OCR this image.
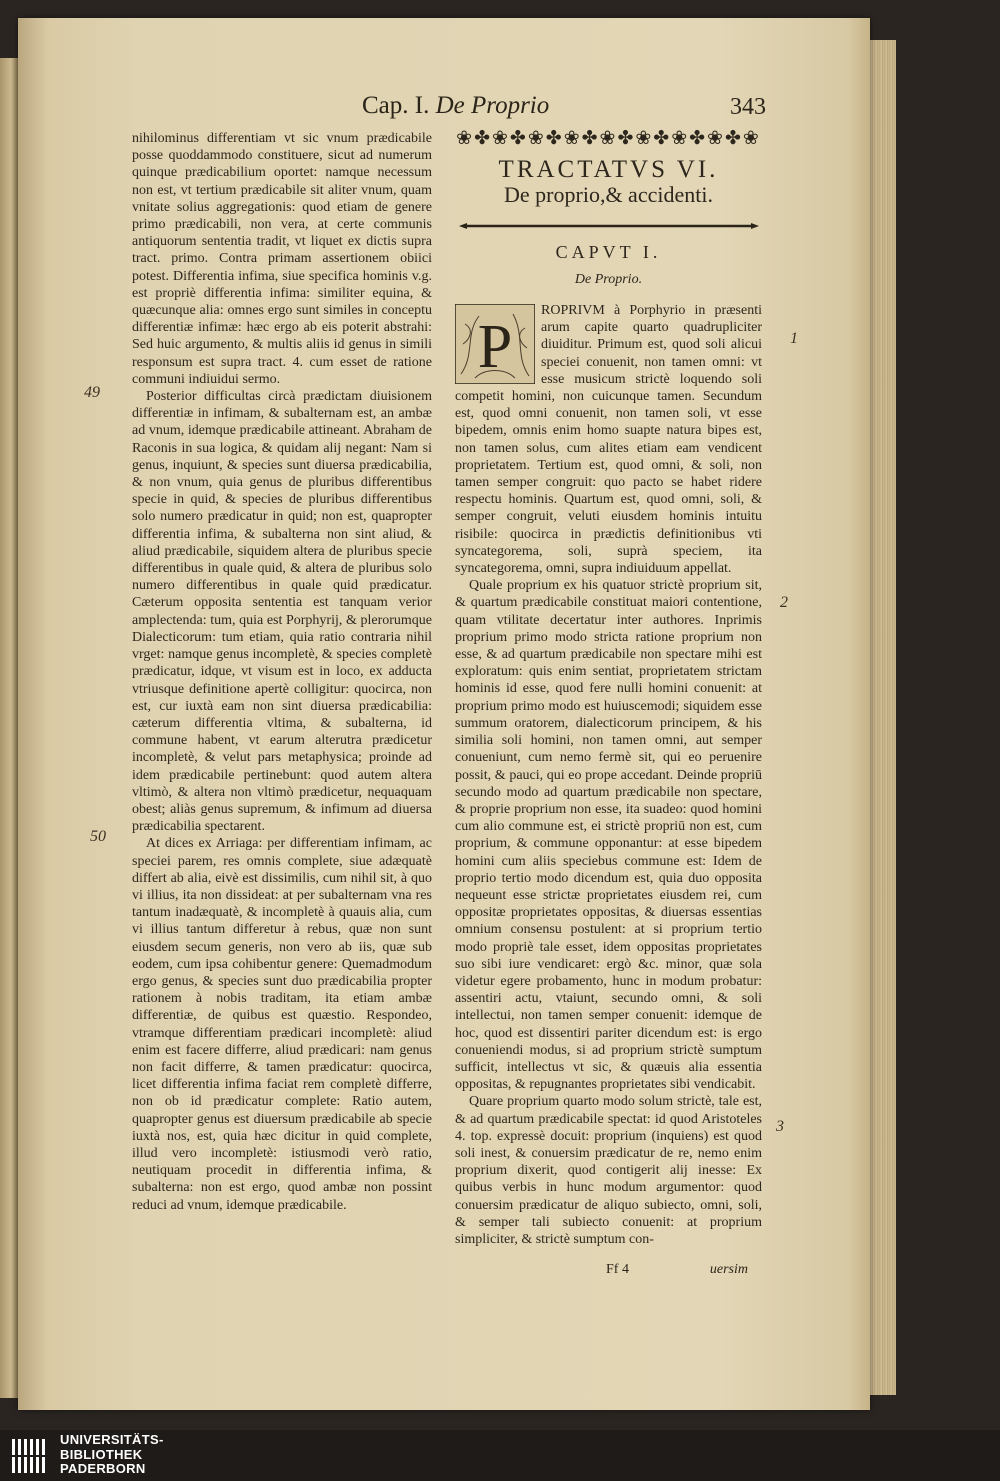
Cap. I. De Proprio	343

nihilominus differentiam vt sic vnum prædicabile posse quoddammodo constituere, sicut ad numerum quinque prædicabilium oportet: namque necessum non est, vt tertium prædicabile sit aliter vnum, quam vnitate solius aggregationis: quod etiam de genere primo prædicabili, non vera, at certe communis antiquorum sententia tradit, vt liquet ex dictis supra tract. primo. Contra primam assertionem obiici potest. Differentia infima, siue specifica hominis v.g. est propriè differentia infima: similiter equina, & quæcunque alia: omnes ergo sunt similes in conceptu differentiæ infimæ: hæc ergo ab eis poterit abstrahi: Sed huic argumento, & multis aliis id genus in simili responsum est supra tract. 4. cum esset de ratione communi indiuidui sermo.

Posterior difficultas circà prædictam diuisionem differentiæ in infimam, & subalternam est, an ambæ ad vnum, idemque prædicabile attineant. Abraham de Raconis in sua logica, & quidam alij negant: Nam si genus, inquiunt, & species sunt diuersa prædicabilia, & non vnum, quia genus de pluribus differentibus specie in quid, & species de pluribus differentibus solo numero prædicatur in quid; non est, quapropter differentia infima, & subalterna non sint aliud, & aliud prædicabile, siquidem altera de pluribus specie differentibus in quale quid, & altera de pluribus solo numero differentibus in quale quid prædicatur. Cæterum opposita sententia est tanquam verior amplectenda: tum, quia est Porphyrij, & plerorumque Dialecticorum: tum etiam, quia ratio contraria nihil vrget: namque genus incompletè, & species completè prædicatur, idque, vt visum est in loco, ex adducta vtriusque definitione apertè colligitur: quocirca, non est, cur iuxtà eam non sint diuersa prædicabilia: cæterum differentia vltima, & subalterna, id commune habent, vt earum alterutra prædicetur incompletè, & velut pars metaphysica; proinde ad idem prædicabile pertinebunt: quod autem altera vltimò, & altera non vltimò prædicetur, nequaquam obest; aliàs genus supremum, & infimum ad diuersa prædicabilia spectarent.

At dices ex Arriaga: per differentiam infimam, ac speciei parem, res omnis complete, siue adæquatè differt ab alia, eivè est dissimilis, cum nihil sit, à quo vi illius, ita non dissideat: at per subalternam vna res tantum inadæquatè, & incompletè à quauis alia, cum vi illius tantum differetur à rebus, quæ non sunt eiusdem secum generis, non vero ab iis, quæ sub eodem, cum ipsa cohibentur genere: Quemadmodum ergo genus, & species sunt duo prædicabilia propter rationem à nobis traditam, ita etiam ambæ differentiæ, de quibus est quæstio. Respondeo, vtramque differentiam prædicari incompletè: aliud enim est facere differre, aliud prædicari: nam genus non facit differre, & tamen prædicatur: quocirca, licet differentia infima faciat rem completè differre, non ob id prædicatur complete: Ratio autem, quapropter genus est diuersum prædicabile ab specie iuxtà nos, est, quia hæc dicitur in quid complete, illud vero incompletè: istiusmodi verò ratio, neutiquam procedit in differentia infima, & subalterna: non est ergo, quod ambæ non possint reduci ad vnum, idemque prædicabile.

❀✤❀✤❀✤❀✤❀✤❀✤❀✤❀✤❀
TRACTATVS VI.
De proprio,& accidenti.
CAPVT I.
De Proprio.
P

ROPRIVM à Porphyrio in præsenti arum capite quarto quadrupliciter diuiditur. Primum est, quod soli alicui speciei conuenit, non tamen omni: vt esse musicum strictè loquendo soli competit homini, non cuicunque tamen. Secundum est, quod omni conuenit, non tamen soli, vt esse bipedem, omnis enim homo suapte natura bipes est, non tamen solus, cum alites etiam eam vendicent proprietatem. Tertium est, quod omni, & soli, non tamen semper congruit: quo pacto se habet ridere respectu hominis. Quartum est, quod omni, soli, & semper congruit, veluti eiusdem hominis intuitu risibile: quocirca in prædictis definitionibus vti syncategorema, soli, suprà speciem, ita syncategorema, omni, supra indiuiduum appellat.

Quale proprium ex his quatuor strictè proprium sit, & quartum prædicabile constituat maiori contentione, quam vtilitate decertatur inter authores. Inprimis proprium primo modo stricta ratione proprium non esse, & ad quartum prædicabile non spectare mihi est exploratum: quis enim sentiat, proprietatem strictam hominis id esse, quod fere nulli homini conuenit: at proprium primo modo est huiuscemodi; siquidem esse summum oratorem, dialecticorum principem, & his similia soli homini, non tamen omni, aut semper conueniunt, cum nemo fermè sit, qui eo peruenire possit, & pauci, qui eo prope accedant. Deinde propriū secundo modo ad quartum prædicabile non spectare, & proprie proprium non esse, ita suadeo: quod homini cum alio commune est, ei strictè propriū non est, cum proprium, & commune opponantur: at esse bipedem homini cum aliis speciebus commune est: Idem de proprio tertio modo dicendum est, quia duo opposita nequeunt esse strictæ proprietates eiusdem rei, cum oppositæ proprietates oppositas, & diuersas essentias omnium consensu postulent: at si proprium tertio modo propriè tale esset, idem oppositas proprietates suo sibi iure vendicaret: ergò &c. minor, quæ sola videtur egere probamento, hunc in modum probatur: assentiri actu, vtaiunt, secundo omni, & soli intellectui, non tamen semper conuenit: idemque de hoc, quod est dissentiri pariter dicendum est: is ergo conueniendi modus, si ad proprium strictè sumptum sufficit, intellectus vt sic, & quæuis alia essentia oppositas, & repugnantes proprietates sibi vendicabit.

Quare proprium quarto modo solum strictè, tale est, & ad quartum prædicabile spectat: id quod Aristoteles 4. top. expressè docuit: proprium (inquiens) est quod soli inest, & conuersim prædicatur de re, nemo enim proprium dixerit, quod contigerit alij inesse: Ex quibus verbis in hunc modum argumentor: quod conuersim prædicatur de aliquo subiecto, omni, soli, & semper tali subiecto conuenit: at proprium simpliciter, & strictè sumptum con-

49
50
1
2
3
Ff 4	uersim
UNIVERSITÄTS-
BIBLIOTHEK
PADERBORN
